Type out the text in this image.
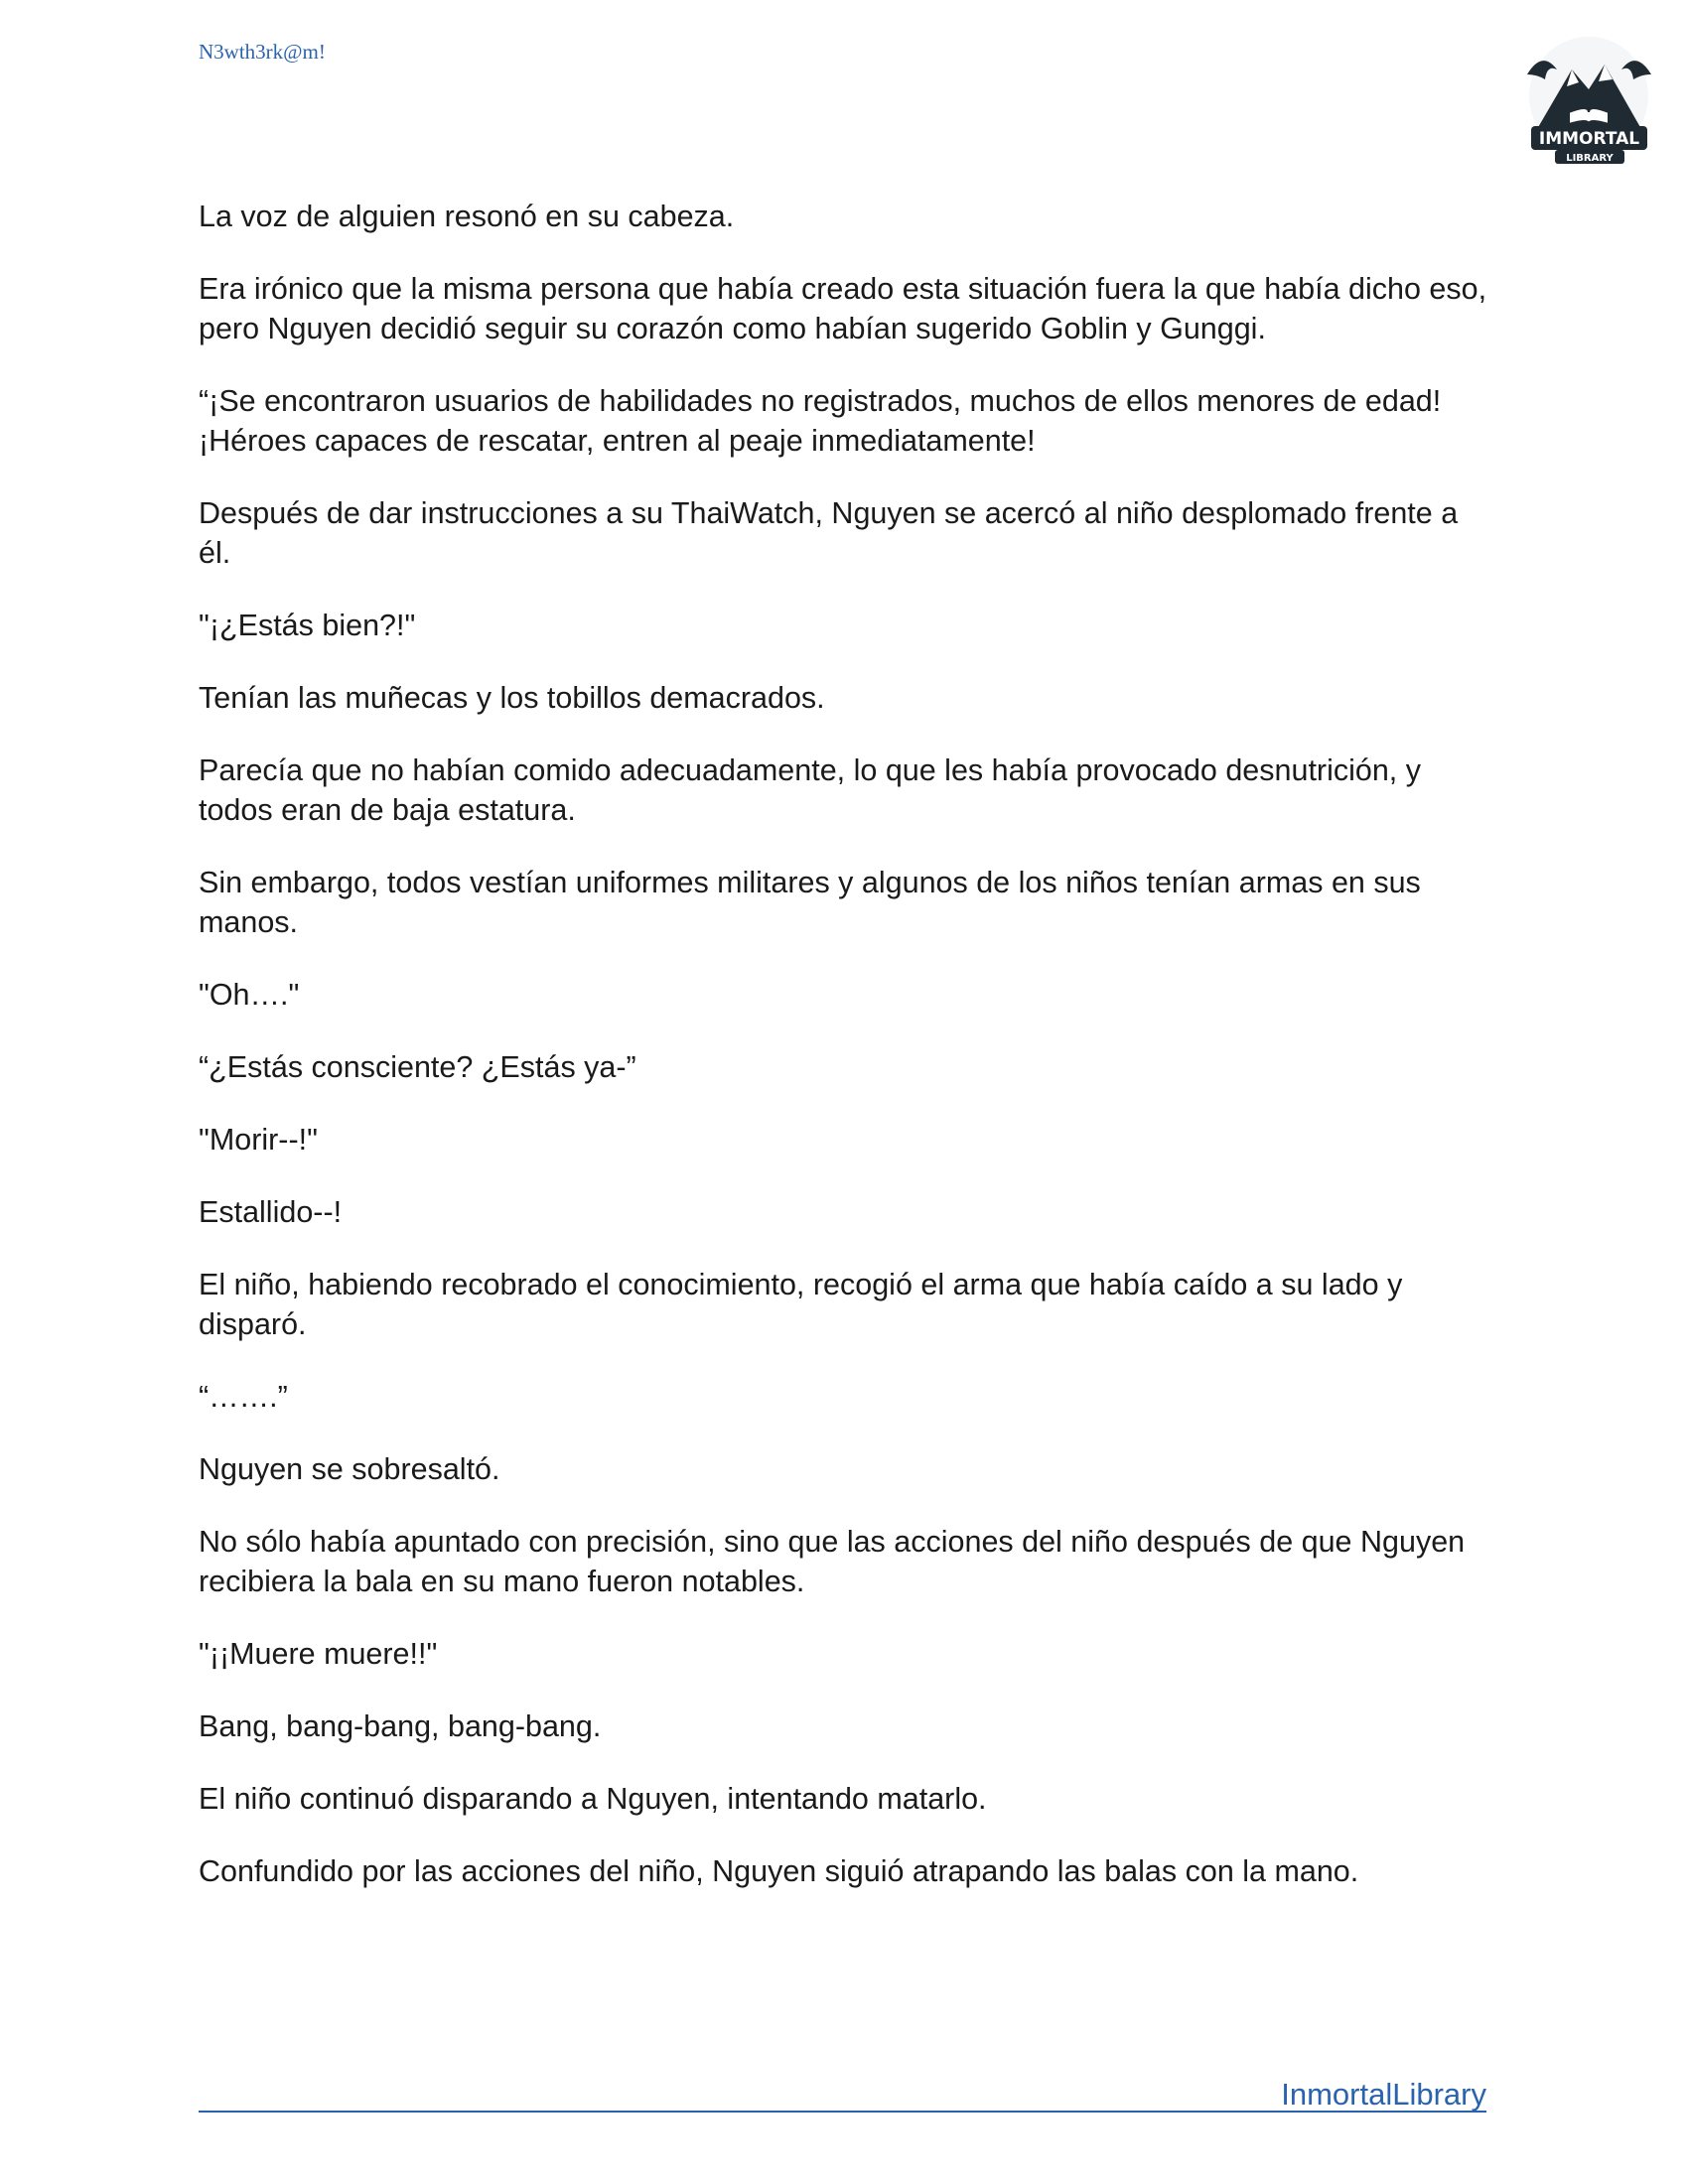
N3wth3rk@m!
IMMORTAL
LIBRARY

La voz de alguien resonó en su cabeza.

Era irónico que la misma persona que había creado esta situación fuera la que había dicho eso, pero Nguyen decidió seguir su corazón como habían sugerido Goblin y Gunggi.

“¡Se encontraron usuarios de habilidades no registrados, muchos de ellos menores de edad! ¡Héroes capaces de rescatar, entren al peaje inmediatamente!

Después de dar instrucciones a su ThaiWatch, Nguyen se acercó al niño desplomado frente a él.

"¡¿Estás bien?!"

Tenían las muñecas y los tobillos demacrados.

Parecía que no habían comido adecuadamente, lo que les había provocado desnutrición, y todos eran de baja estatura.

Sin embargo, todos vestían uniformes militares y algunos de los niños tenían armas en sus manos.

"Oh…."

“¿Estás consciente? ¿Estás ya-”

"Morir--!"

Estallido--!

El niño, habiendo recobrado el conocimiento, recogió el arma que había caído a su lado y disparó.

“…….”

Nguyen se sobresaltó.

No sólo había apuntado con precisión, sino que las acciones del niño después de que Nguyen recibiera la bala en su mano fueron notables.

"¡¡Muere muere!!"

Bang, bang-bang, bang-bang.

El niño continuó disparando a Nguyen, intentando matarlo.

Confundido por las acciones del niño, Nguyen siguió atrapando las balas con la mano.

InmortalLibrary
